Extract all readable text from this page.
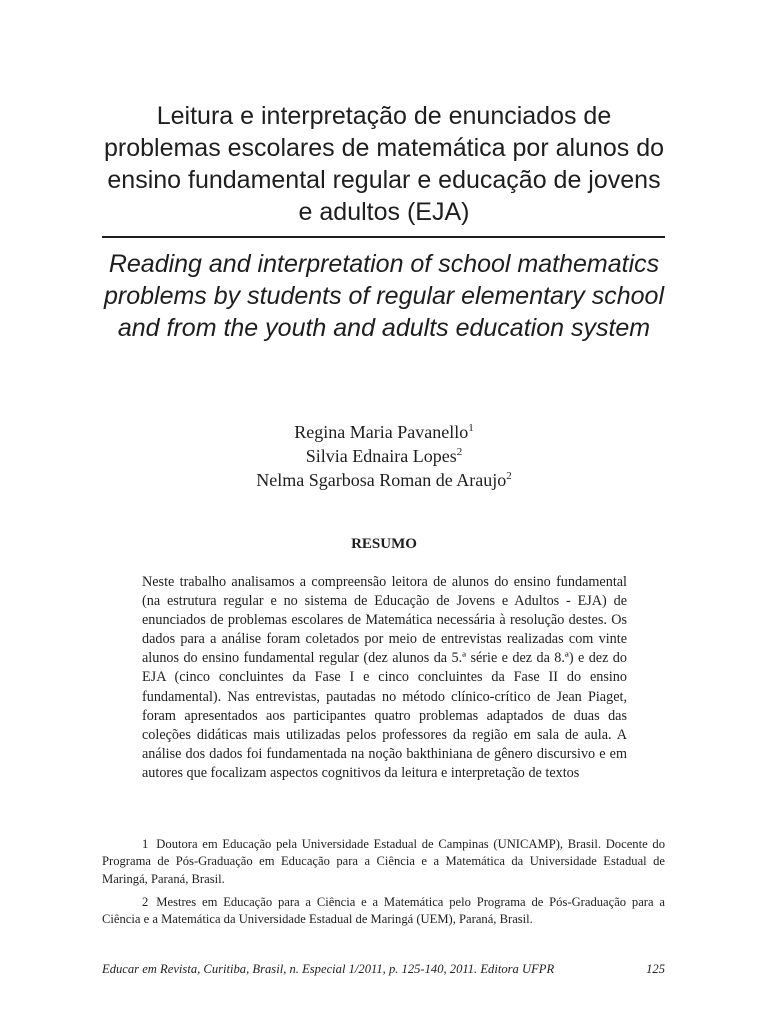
Leitura e interpretação de enunciados de problemas escolares de matemática por alunos do ensino fundamental regular e educação de jovens e adultos (EJA)
Reading and interpretation of school mathematics problems by students of regular elementary school and from the youth and adults education system
Regina Maria Pavanello$^1$
Silvia Ednaira Lopes$^2$
Nelma Sgarbosa Roman de Araujo$^2$
RESUMO

Neste trabalho analisamos a compreensão leitora de alunos do ensino fundamental (na estrutura regular e no sistema de Educação de Jovens e Adultos - EJA) de enunciados de problemas escolares de Matemática necessária à resolução destes. Os dados para a análise foram coletados por meio de entrevistas realizadas com vinte alunos do ensino fundamental regular (dez alunos da 5.ª série e dez da 8.ª) e dez do EJA (cinco concluintes da Fase I e cinco concluintes da Fase II do ensino fundamental). Nas entrevistas, pautadas no método clínico-crítico de Jean Piaget, foram apresentados aos participantes quatro problemas adaptados de duas das coleções didáticas mais utilizadas pelos professores da região em sala de aula. A análise dos dados foi fundamentada na noção bakthiniana de gênero discursivo e em autores que focalizam aspectos cognitivos da leitura e interpretação de textos

1 Doutora em Educação pela Universidade Estadual de Campinas (UNICAMP), Brasil. Docente do Programa de Pós-Graduação em Educação para a Ciência e a Matemática da Universidade Estadual de Maringá, Paraná, Brasil.

2 Mestres em Educação para a Ciência e a Matemática pelo Programa de Pós-Graduação para a Ciência e a Matemática da Universidade Estadual de Maringá (UEM), Paraná, Brasil.

Educar em Revista, Curitiba, Brasil, n. Especial 1/2011, p. 125-140, 2011. Editora UFPR	125
